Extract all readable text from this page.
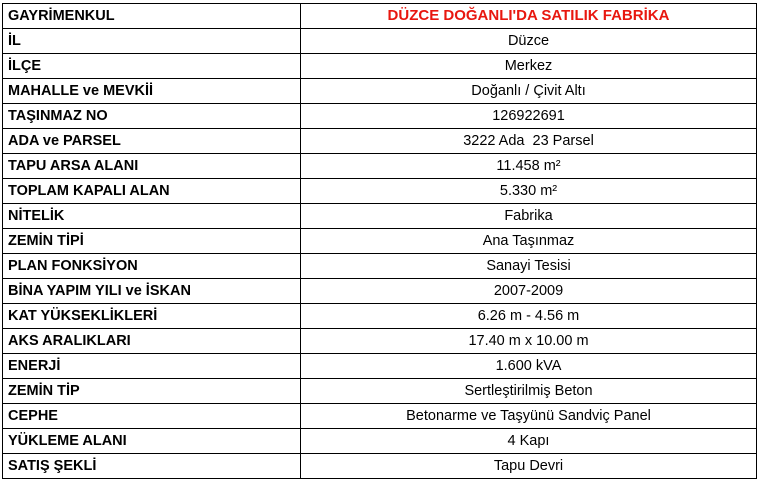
GAYRİMENKUL	DÜZCE DOĞANLI'DA SATILIK FABRİKA
İL	Düzce
İLÇE	Merkez
MAHALLE ve MEVKİİ	Doğanlı / Çivit Altı
TAŞINMAZ NO	126922691
ADA ve PARSEL	3222 Ada  23 Parsel
TAPU ARSA ALANI	11.458 m²
TOPLAM KAPALI ALAN	5.330 m²
NİTELİK	Fabrika
ZEMİN TİPİ	Ana Taşınmaz
PLAN FONKSİYON	Sanayi Tesisi
BİNA YAPIM YILI ve İSKAN	2007-2009
KAT YÜKSEKLİKLERİ	6.26 m - 4.56 m
AKS ARALIKLARI	17.40 m x 10.00 m
ENERJİ	1.600 kVA
ZEMİN TİP	Sertleştirilmiş Beton
CEPHE	Betonarme ve Taşyünü Sandviç Panel
YÜKLEME ALANI	4 Kapı
SATIŞ ŞEKLİ	Tapu Devri
